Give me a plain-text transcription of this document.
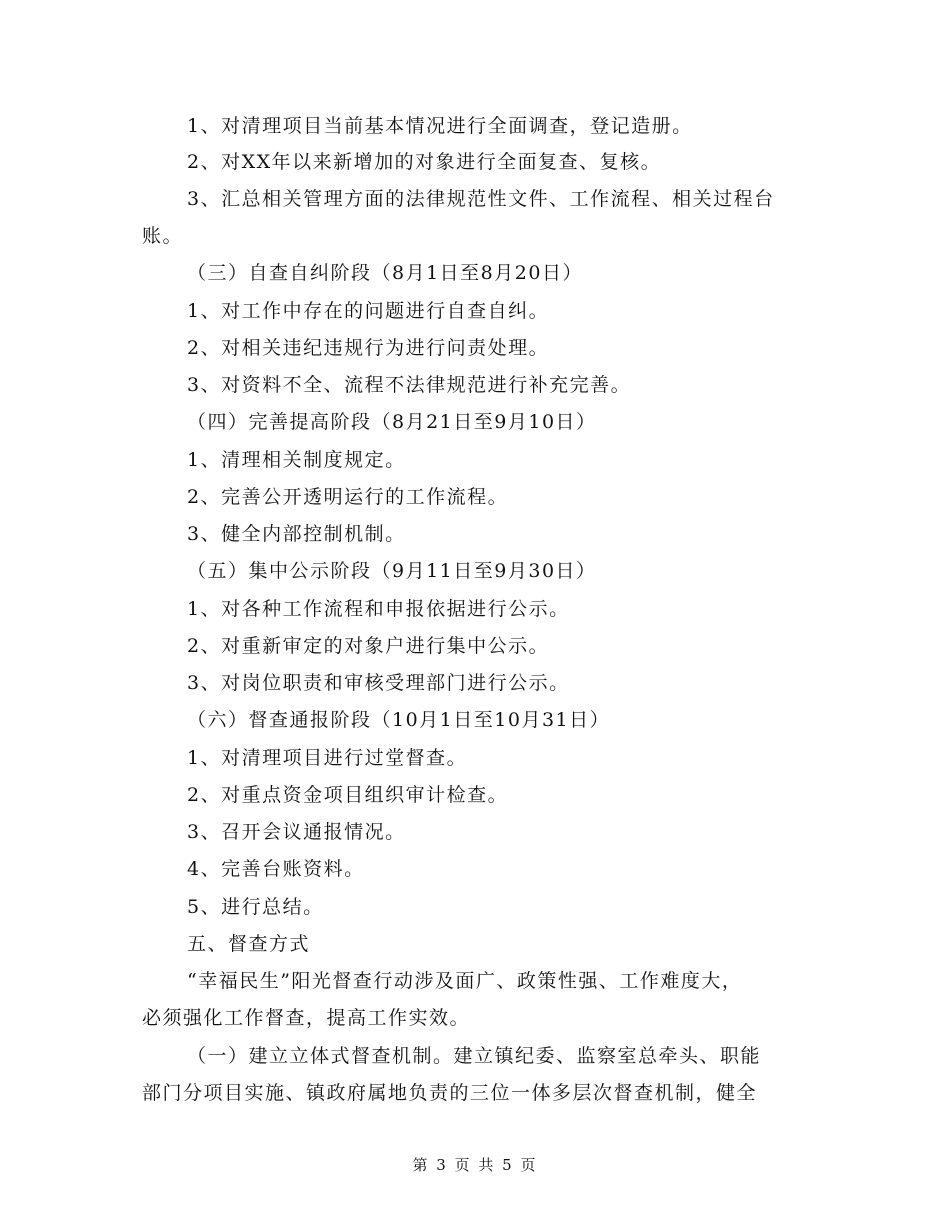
1、对清理项目当前基本情况进行全面调查，登记造册。
2、对XX年以来新增加的对象进行全面复查、复核。
3、汇总相关管理方面的法律规范性文件、工作流程、相关过程台
账。
（三）自查自纠阶段（8月1日至8月20日）
1、对工作中存在的问题进行自查自纠。
2、对相关违纪违规行为进行问责处理。
3、对资料不全、流程不法律规范进行补充完善。
（四）完善提高阶段（8月21日至9月10日）
1、清理相关制度规定。
2、完善公开透明运行的工作流程。
3、健全内部控制机制。
（五）集中公示阶段（9月11日至9月30日）
1、对各种工作流程和申报依据进行公示。
2、对重新审定的对象户进行集中公示。
3、对岗位职责和审核受理部门进行公示。
（六）督查通报阶段（10月1日至10月31日）
1、对清理项目进行过堂督查。
2、对重点资金项目组织审计检查。
3、召开会议通报情况。
4、完善台账资料。
5、进行总结。
五、督查方式
“幸福民生”阳光督查行动涉及面广、政策性强、工作难度大，
必须强化工作督查，提高工作实效。
（一）建立立体式督查机制。建立镇纪委、监察室总牵头、职能
部门分项目实施、镇政府属地负责的三位一体多层次督查机制，健全
第 3 页 共 5 页
